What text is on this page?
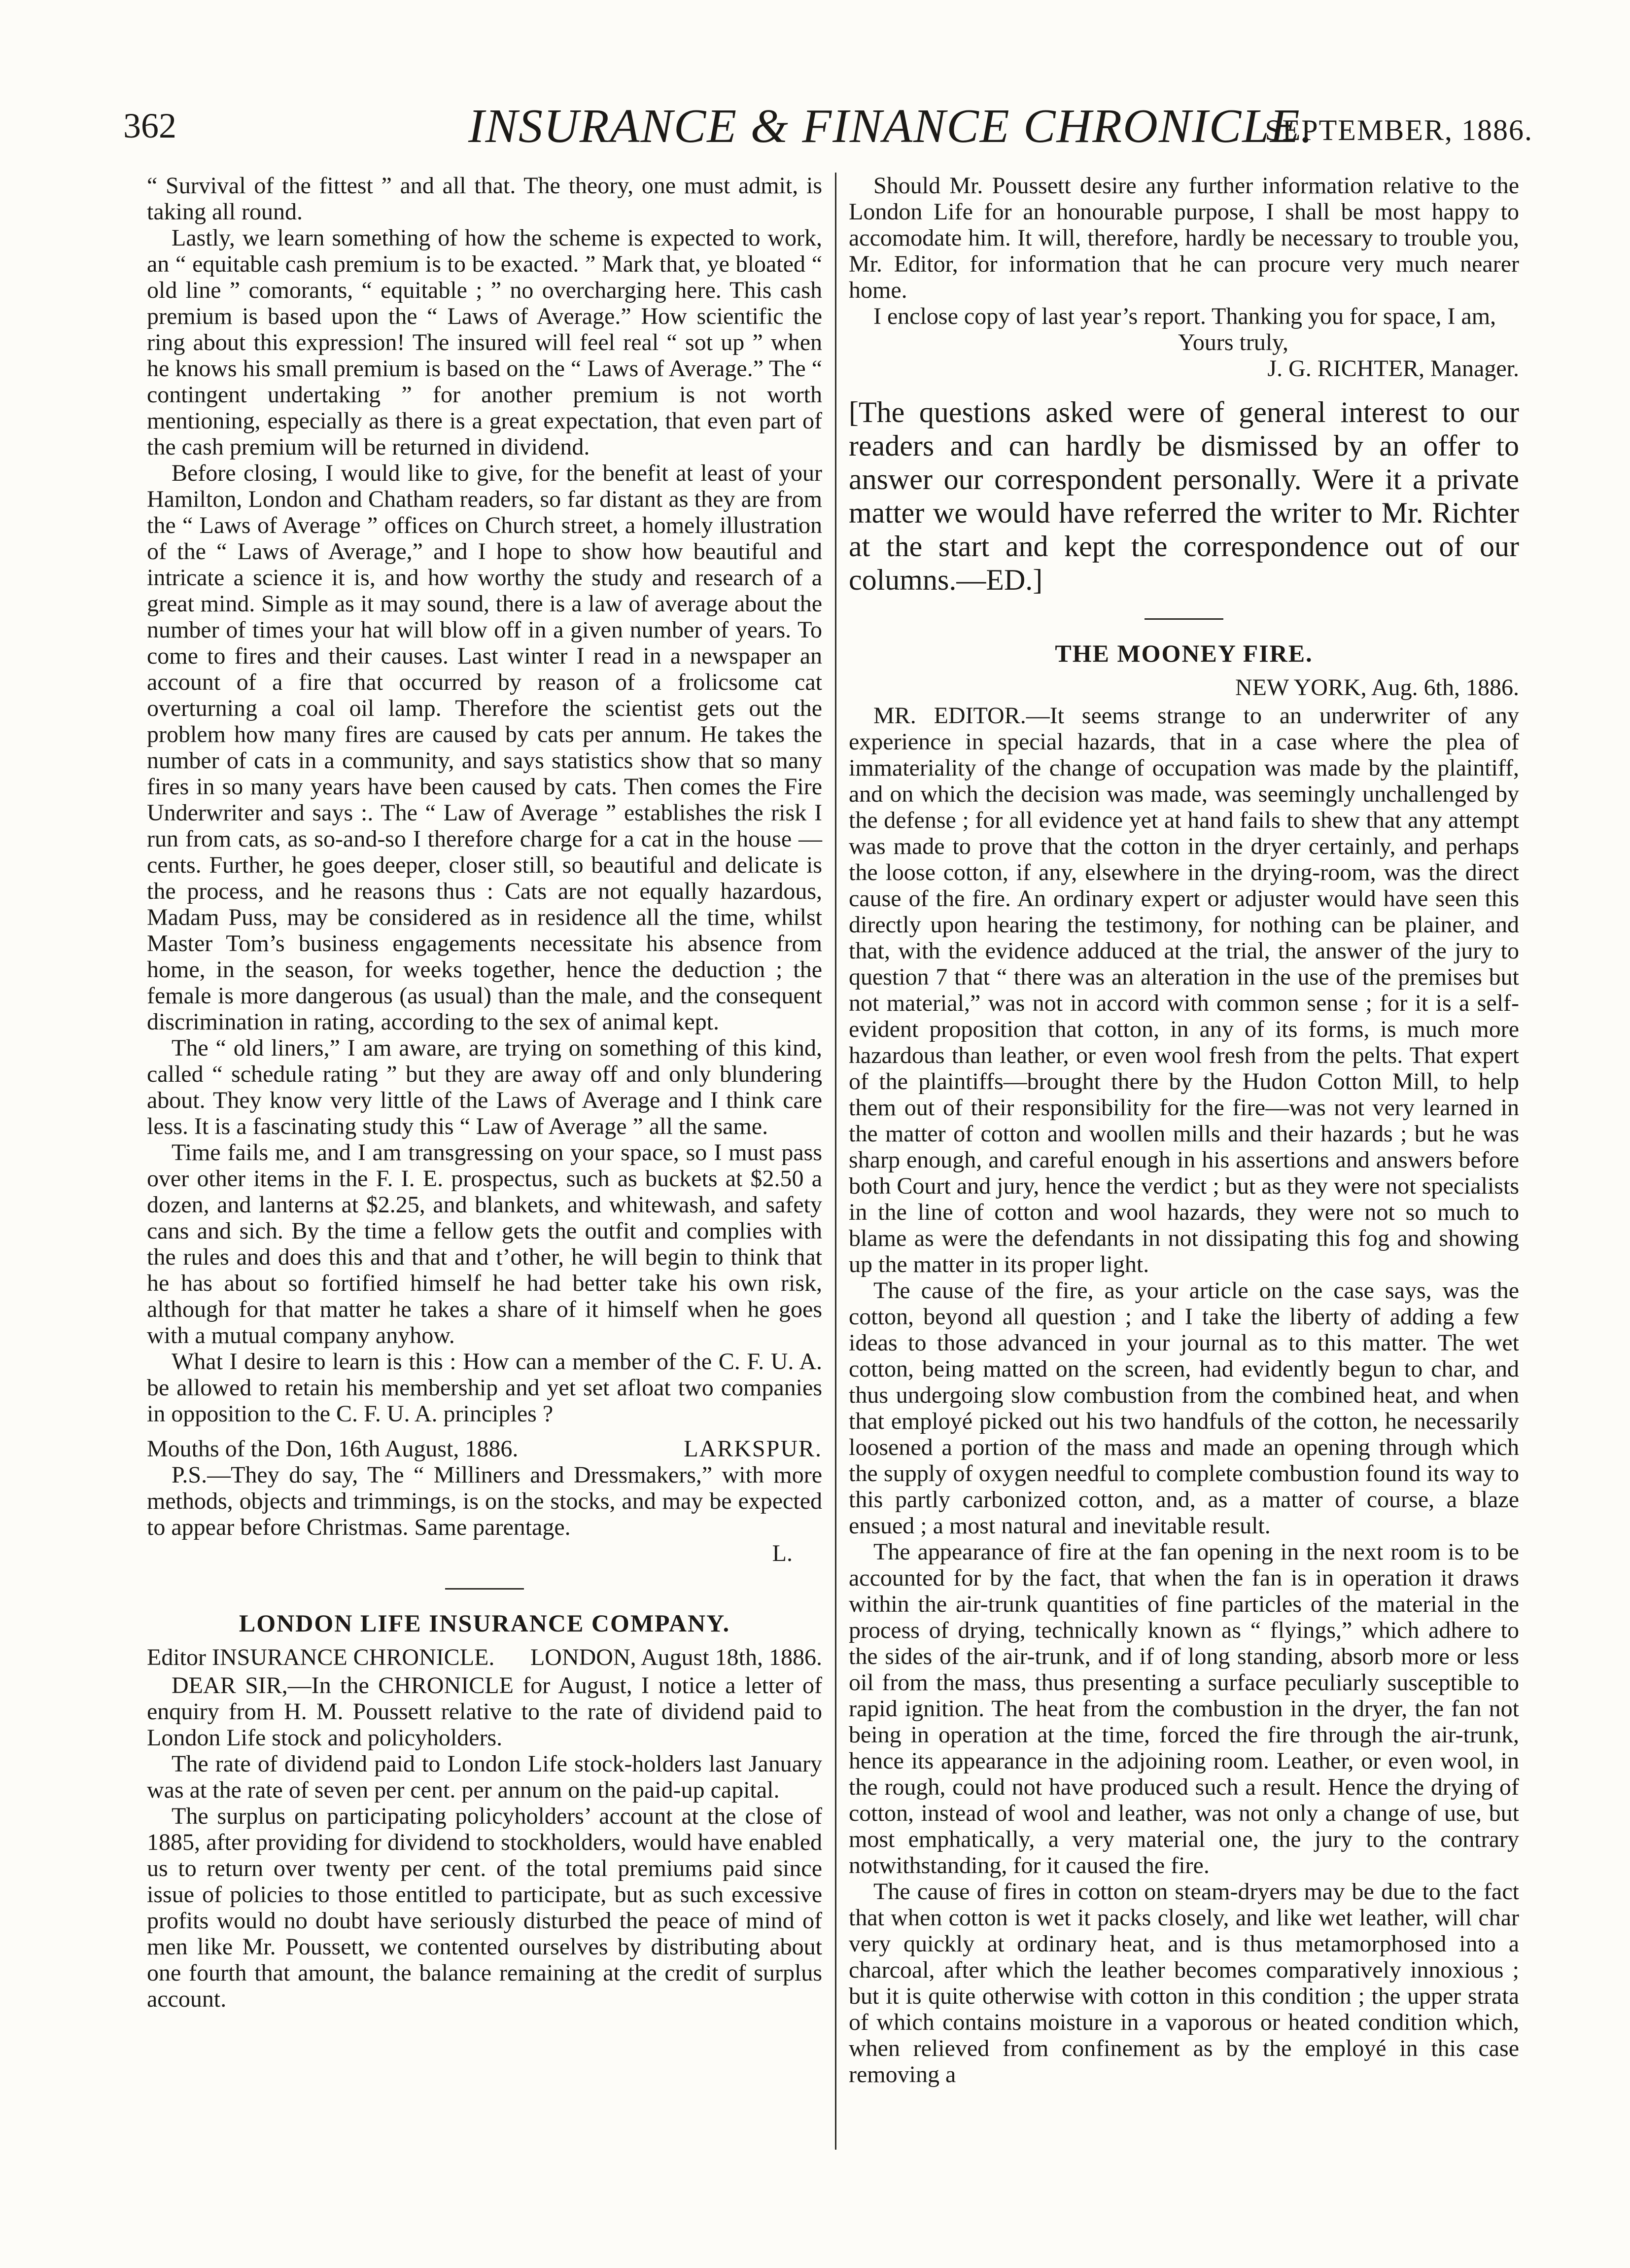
362	INSURANCE & FINANCE CHRONICLE.
SEPTEMBER, 1886.

“ Survival of the fittest ” and all that. The theory, one must admit, is taking all round.

Lastly, we learn something of how the scheme is expected to work, an “ equitable cash premium is to be exacted. ” Mark that, ye bloated “ old line ” comorants, “ equitable ; ” no overcharging here. This cash premium is based upon the “ Laws of Average.” How scientific the ring about this expression! The insured will feel real “ sot up ” when he knows his small premium is based on the “ Laws of Average.” The “ contingent undertaking ” for another premium is not worth mentioning, especially as there is a great expectation, that even part of the cash premium will be returned in dividend.

Before closing, I would like to give, for the benefit at least of your Hamilton, London and Chatham readers, so far distant as they are from the “ Laws of Average ” offices on Church street, a homely illustration of the “ Laws of Average,” and I hope to show how beautiful and intricate a science it is, and how worthy the study and research of a great mind. Simple as it may sound, there is a law of average about the number of times your hat will blow off in a given number of years. To come to fires and their causes. Last winter I read in a newspaper an account of a fire that occurred by reason of a frolicsome cat overturning a coal oil lamp. Therefore the scientist gets out the problem how many fires are caused by cats per annum. He takes the number of cats in a community, and says statistics show that so many fires in so many years have been caused by cats. Then comes the Fire Underwriter and says :. The “ Law of Average ” establishes the risk I run from cats, as so-and-so I therefore charge for a cat in the house — cents. Further, he goes deeper, closer still, so beautiful and delicate is the process, and he reasons thus : Cats are not equally hazardous, Madam Puss, may be considered as in residence all the time, whilst Master Tom’s business engagements necessitate his absence from home, in the season, for weeks together, hence the deduction ; the female is more dangerous (as usual) than the male, and the consequent discrimination in rating, according to the sex of animal kept.

The “ old liners,” I am aware, are trying on something of this kind, called “ schedule rating ” but they are away off and only blundering about. They know very little of the Laws of Average and I think care less. It is a fascinating study this “ Law of Average ” all the same.

Time fails me, and I am transgressing on your space, so I must pass over other items in the F. I. E. prospectus, such as buckets at $2.50 a dozen, and lanterns at $2.25, and blankets, and whitewash, and safety cans and sich. By the time a fellow gets the outfit and complies with the rules and does this and that and t’other, he will begin to think that he has about so fortified himself he had better take his own risk, although for that matter he takes a share of it himself when he goes with a mutual company anyhow.

What I desire to learn is this : How can a member of the C. F. U. A. be allowed to retain his membership and yet set afloat two companies in opposition to the C. F. U. A. principles ?

Mouths of the Don, 16th August, 1886.	LARKSPUR.

P.S.—They do say, The “ Milliners and Dressmakers,” with more methods, objects and trimmings, is on the stocks, and may be expected to appear before Christmas. Same parentage.

L.

LONDON LIFE INSURANCE COMPANY.
Editor INSURANCE CHRONICLE. LONDON, August 18th, 1886.

DEAR SIR,—In the CHRONICLE for August, I notice a letter of enquiry from H. M. Poussett relative to the rate of dividend paid to London Life stock and policyholders.

The rate of dividend paid to London Life stock-holders last January was at the rate of seven per cent. per annum on the paid-up capital.

The surplus on participating policyholders’ account at the close of 1885, after providing for dividend to stockholders, would have enabled us to return over twenty per cent. of the total premiums paid since issue of policies to those entitled to participate, but as such excessive profits would no doubt have seriously disturbed the peace of mind of men like Mr. Poussett, we contented ourselves by distributing about one fourth that amount, the balance remaining at the credit of surplus account.

Should Mr. Poussett desire any further information relative to the London Life for an honourable purpose, I shall be most happy to accomodate him. It will, therefore, hardly be necessary to trouble you, Mr. Editor, for information that he can procure very much nearer home.

I enclose copy of last year’s report. Thanking you for space, I am,

Yours truly,

J. G. RICHTER, Manager.

[The questions asked were of general interest to our readers and can hardly be dismissed by an offer to answer our correspondent personally. Were it a private matter we would have referred the writer to Mr. Richter at the start and kept the correspondence out of our columns.—ED.]

THE MOONEY FIRE.
NEW YORK, Aug. 6th, 1886.

MR. EDITOR.—It seems strange to an underwriter of any experience in special hazards, that in a case where the plea of immateriality of the change of occupation was made by the plaintiff, and on which the decision was made, was seemingly unchallenged by the defense ; for all evidence yet at hand fails to shew that any attempt was made to prove that the cotton in the dryer certainly, and perhaps the loose cotton, if any, elsewhere in the drying-room, was the direct cause of the fire. An ordinary expert or adjuster would have seen this directly upon hearing the testimony, for nothing can be plainer, and that, with the evidence adduced at the trial, the answer of the jury to question 7 that “ there was an alteration in the use of the premises but not material,” was not in accord with common sense ; for it is a self-evident proposition that cotton, in any of its forms, is much more hazardous than leather, or even wool fresh from the pelts. That expert of the plaintiffs—brought there by the Hudon Cotton Mill, to help them out of their responsibility for the fire—was not very learned in the matter of cotton and woollen mills and their hazards ; but he was sharp enough, and careful enough in his assertions and answers before both Court and jury, hence the verdict ; but as they were not specialists in the line of cotton and wool hazards, they were not so much to blame as were the defendants in not dissipating this fog and showing up the matter in its proper light.

The cause of the fire, as your article on the case says, was the cotton, beyond all question ; and I take the liberty of adding a few ideas to those advanced in your journal as to this matter. The wet cotton, being matted on the screen, had evidently begun to char, and thus undergoing slow combustion from the combined heat, and when that employé picked out his two handfuls of the cotton, he necessarily loosened a portion of the mass and made an opening through which the supply of oxygen needful to complete combustion found its way to this partly carbonized cotton, and, as a matter of course, a blaze ensued ; a most natural and inevitable result.

The appearance of fire at the fan opening in the next room is to be accounted for by the fact, that when the fan is in operation it draws within the air-trunk quantities of fine particles of the material in the process of drying, technically known as “ flyings,” which adhere to the sides of the air-trunk, and if of long standing, absorb more or less oil from the mass, thus presenting a surface peculiarly susceptible to rapid ignition. The heat from the combustion in the dryer, the fan not being in operation at the time, forced the fire through the air-trunk, hence its appearance in the adjoining room. Leather, or even wool, in the rough, could not have produced such a result. Hence the drying of cotton, instead of wool and leather, was not only a change of use, but most emphatically, a very material one, the jury to the contrary notwithstanding, for it caused the fire.

The cause of fires in cotton on steam-dryers may be due to the fact that when cotton is wet it packs closely, and like wet leather, will char very quickly at ordinary heat, and is thus metamorphosed into a charcoal, after which the leather becomes comparatively innoxious ; but it is quite otherwise with cotton in this condition ; the upper strata of which contains moisture in a vaporous or heated condition which, when relieved from confinement as by the employé in this case removing a
